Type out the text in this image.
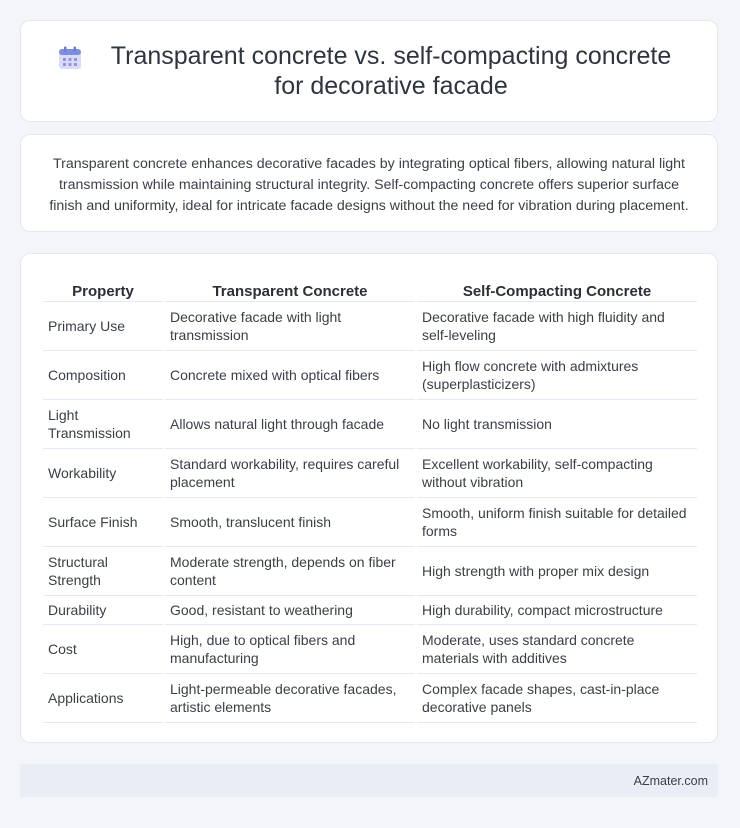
Transparent concrete vs. self-compacting concrete for decorative facade

Transparent concrete enhances decorative facades by integrating optical fibers, allowing natural light transmission while maintaining structural integrity. Self-compacting concrete offers superior surface finish and uniformity, ideal for intricate facade designs without the need for vibration during placement.

Property	Transparent Concrete	Self-Compacting Concrete
Primary Use	Decorative facade with light transmission	Decorative facade with high fluidity and self-leveling
Composition	Concrete mixed with optical fibers	High flow concrete with admixtures (superplasticizers)
Light Transmission	Allows natural light through facade	No light transmission
Workability	Standard workability, requires careful placement	Excellent workability, self-compacting without vibration
Surface Finish	Smooth, translucent finish	Smooth, uniform finish suitable for detailed forms
Structural Strength	Moderate strength, depends on fiber content	High strength with proper mix design
Durability	Good, resistant to weathering	High durability, compact microstructure
Cost	High, due to optical fibers and manufacturing	Moderate, uses standard concrete materials with additives
Applications	Light-permeable decorative facades, artistic elements	Complex facade shapes, cast-in-place decorative panels
AZmater.com
